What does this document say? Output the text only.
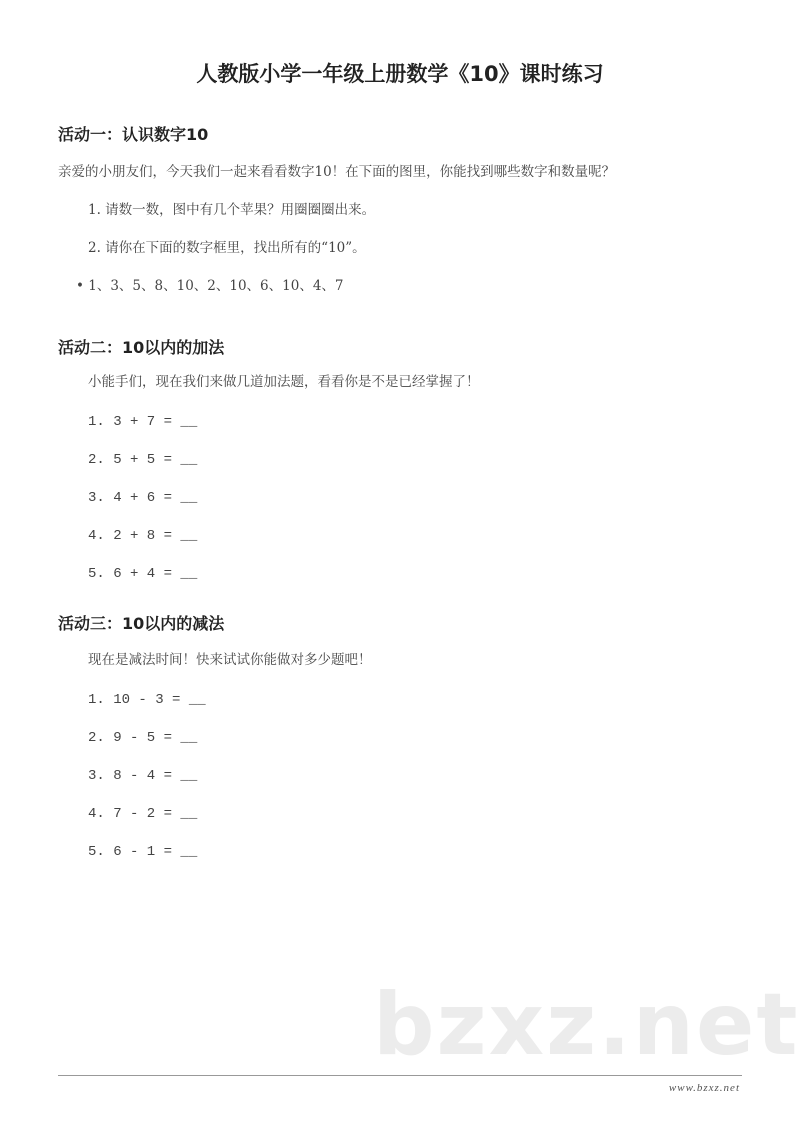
人教版小学一年级上册数学《10》课时练习
活动一：认识数字10
亲爱的小朋友们，今天我们一起来看看数字10！在下面的图里，你能找到哪些数字和数量呢？
1. 请数一数，图中有几个苹果？用圈圈圈出来。
2. 请你在下面的数字框里，找出所有的“10”。
• 1、3、5、8、10、2、10、6、10、4、7
活动二：10以内的加法
小能手们，现在我们来做几道加法题，看看你是不是已经掌握了！
1. 3 + 7 = __
2. 5 + 5 = __
3. 4 + 6 = __
4. 2 + 8 = __
5. 6 + 4 = __
活动三：10以内的减法
现在是减法时间！快来试试你能做对多少题吧！
1. 10 - 3 = __
2. 9 - 5 = __
3. 8 - 4 = __
4. 7 - 2 = __
5. 6 - 1 = __
bzxz.net
www.bzxz.net
